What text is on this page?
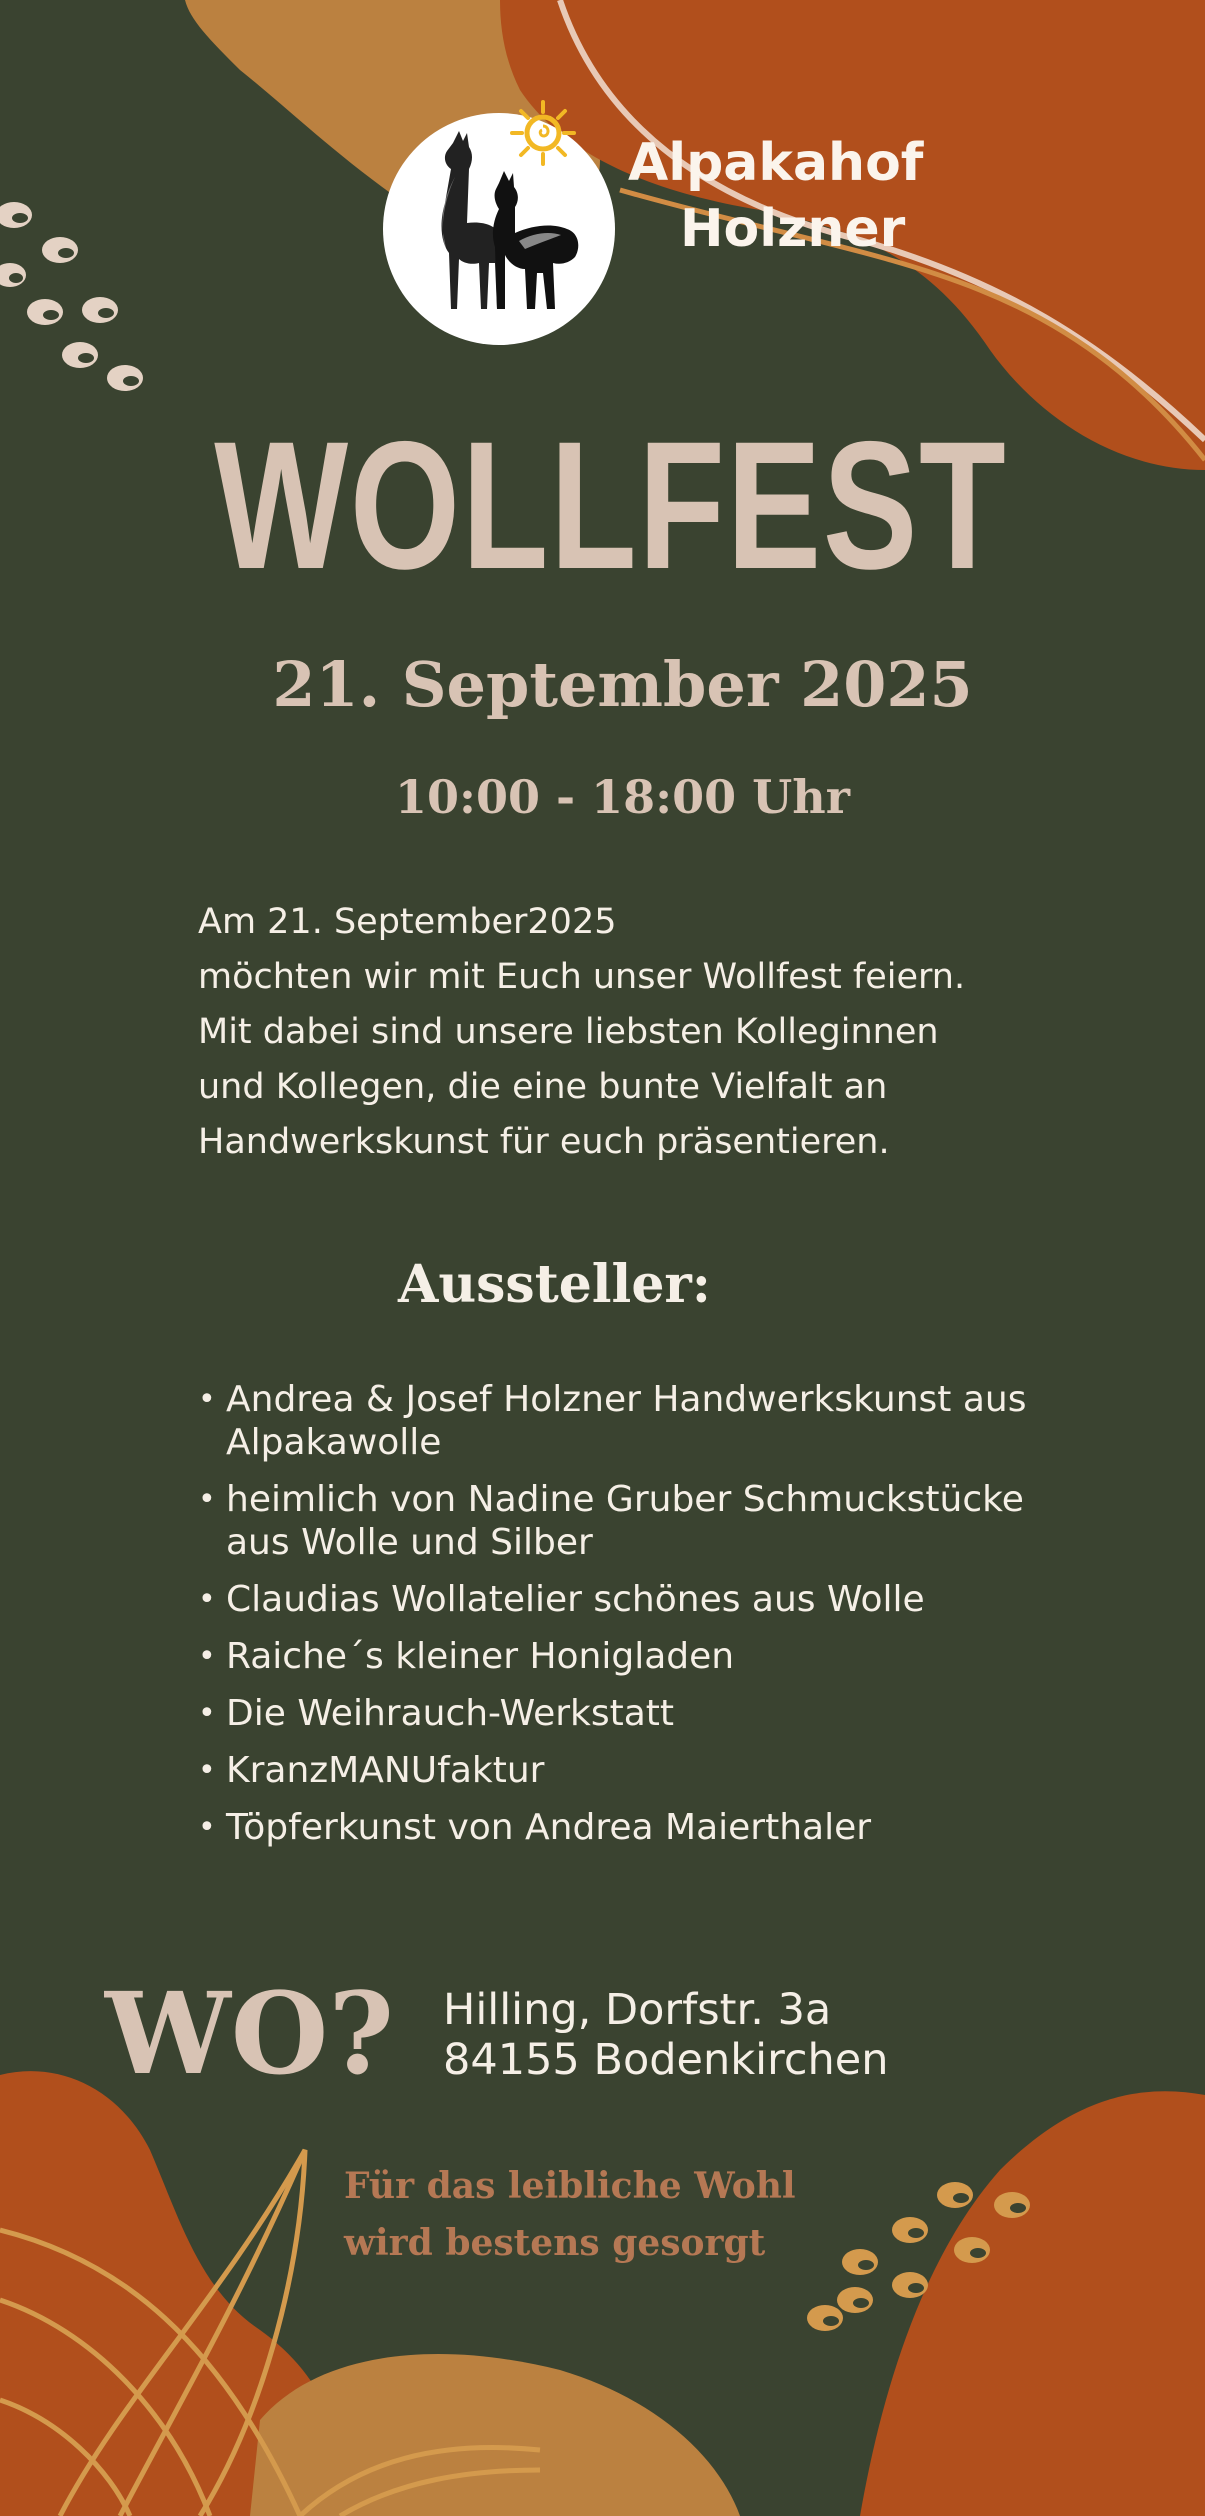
Alpakahof
Holzner
WOLLFEST
21. September 2025
10:00 - 18:00 Uhr
Am 21. September2025
möchten wir mit Euch unser Wollfest feiern.
Mit dabei sind unsere liebsten Kolleginnen
und Kollegen, die eine bunte Vielfalt an
Handwerkskunst für euch präsentieren.
Aussteller:
• Andrea & Josef Holzner Handwerkskunst aus Alpakawolle
• heimlich von Nadine Gruber Schmuckstücke aus Wolle und Silber
• Claudias Wollatelier schönes aus Wolle
• Raiche´s kleiner Honigladen
• Die Weihrauch-Werkstatt
• KranzMANUfaktur
• Töpferkunst von Andrea Maierthaler
WO? Hilling, Dorfstr. 3a
84155 Bodenkirchen
Für das leibliche Wohl
wird bestens gesorgt
